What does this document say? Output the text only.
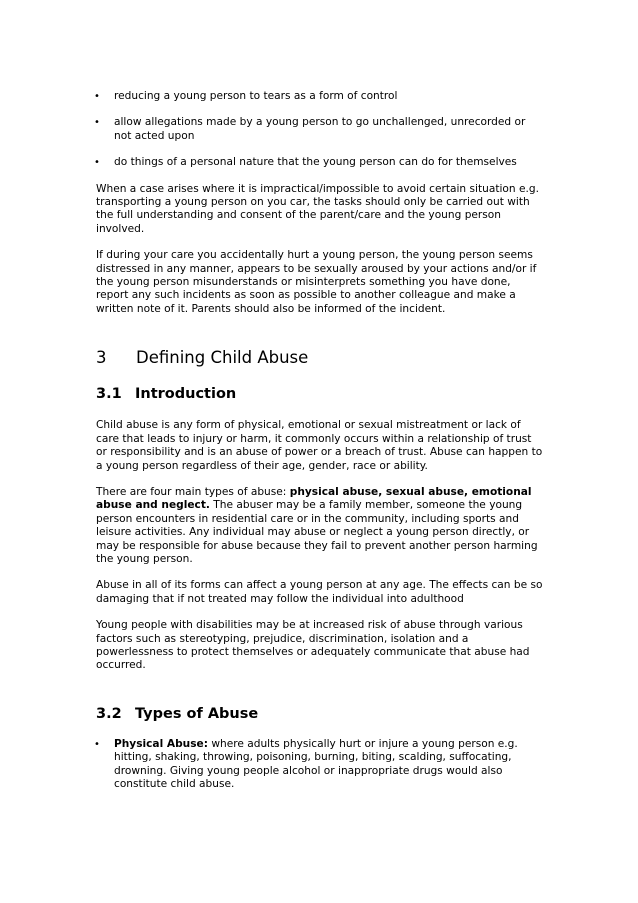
•	reducing a young person to tears as a form of control
•	allow allegations made by a young person to go unchallenged, unrecorded or not acted upon
•	do things of a personal nature that the young person can do for themselves

When a case arises where it is impractical/impossible to avoid certain situation e.g. transporting a young person on you car, the tasks should only be carried out with the full understanding and consent of the parent/care and the young person involved.

If during your care you accidentally hurt a young person, the young person seems distressed in any manner, appears to be sexually aroused by your actions and/or if the young person misunderstands or misinterprets something you have done, report any such incidents as soon as possible to another colleague and make a written note of it. Parents should also be informed of the incident.

3	Defining Child Abuse
3.1 Introduction

Child abuse is any form of physical, emotional or sexual mistreatment or lack of care that leads to injury or harm, it commonly occurs within a relationship of trust or responsibility and is an abuse of power or a breach of trust. Abuse can happen to a young person regardless of their age, gender, race or ability.

There are four main types of abuse: physical abuse, sexual abuse, emotional abuse and neglect. The abuser may be a family member, someone the young person encounters in residential care or in the community, including sports and leisure activities. Any individual may abuse or neglect a young person directly, or may be responsible for abuse because they fail to prevent another person harming the young person.

Abuse in all of its forms can affect a young person at any age. The effects can be so damaging that if not treated may follow the individual into adulthood

Young people with disabilities may be at increased risk of abuse through various factors such as stereotyping, prejudice, discrimination, isolation and a powerlessness to protect themselves or adequately communicate that abuse had occurred.

3.2 Types of Abuse
•	Physical Abuse: where adults physically hurt or injure a young person e.g. hitting, shaking, throwing, poisoning, burning, biting, scalding, suffocating, drowning. Giving young people alcohol or inappropriate drugs would also constitute child abuse.
